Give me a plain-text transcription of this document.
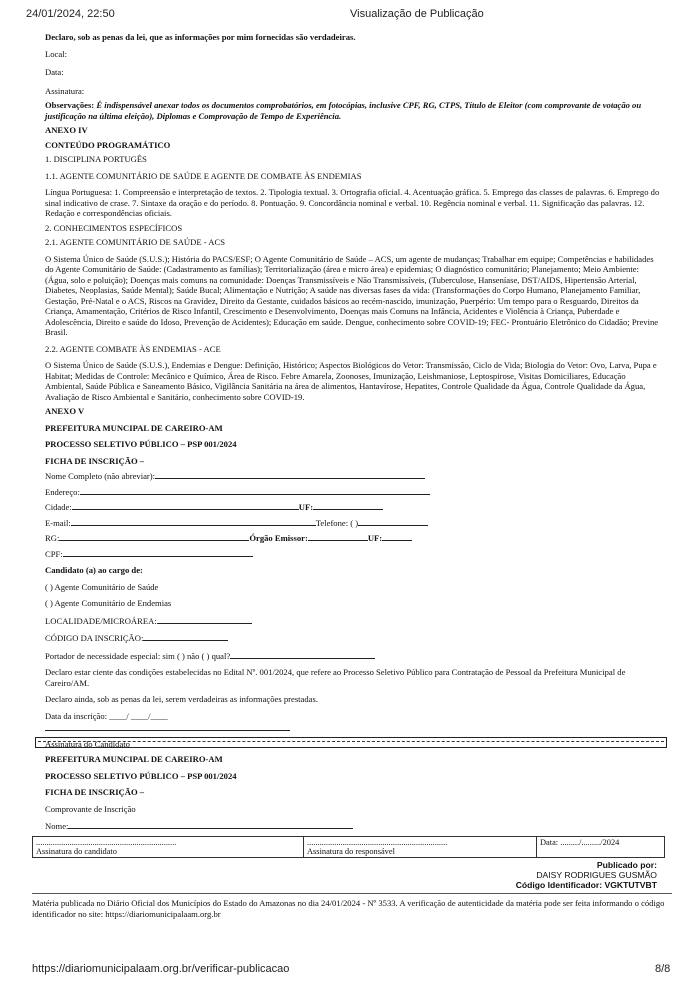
24/01/2024, 22:50	Visualização de Publicação

Declaro, sob as penas da lei, que as informações por mim fornecidas são verdadeiras.

Local:

Data:

Assinatura:

Observações: É indispensável anexar todos os documentos comprobatórios, em fotocópias, inclusive CPF, RG, CTPS, Título de Eleitor (com comprovante de votação ou justificação na última eleição), Diplomas e Comprovação de Tempo de Experiência.

ANEXO IV

CONTEÚDO PROGRAMÁTICO

1. DISCIPLINA PORTUGÊS

1.1. AGENTE COMUNITÁRIO DE SAÚDE E AGENTE DE COMBATE ÀS ENDEMIAS

Língua Portuguesa: 1. Compreensão e interpretação de textos. 2. Tipologia textual. 3. Ortografia oficial. 4. Acentuação gráfica. 5. Emprego das classes de palavras. 6. Emprego do sinal indicativo de crase. 7. Sintaxe da oração e do período. 8. Pontuação. 9. Concordância nominal e verbal. 10. Regência nominal e verbal. 11. Significação das palavras. 12. Redação e correspondências oficiais.

2. CONHECIMENTOS ESPECÍFICOS

2.1. AGENTE COMUNITÁRIO DE SAÚDE - ACS

O Sistema Único de Saúde (S.U.S.); História do PACS/ESF; O Agente Comunitário de Saúde – ACS, um agente de mudanças; Trabalhar em equipe; Competências e habilidades do Agente Comunitário de Saúde: (Cadastramento as famílias); Territorialização (área e micro área) e epidemias; O diagnóstico comunitário; Planejamento; Meio Ambiente: (Água, solo e poluição); Doenças mais comuns na comunidade: Doenças Transmissíveis e Não Transmissíveis, (Tuberculose, Hanseníase, DST/AIDS, Hipertensão Arterial, Diabetes, Neoplasias, Saúde Mental); Saúde Bucal; Alimentação e Nutrição; A saúde nas diversas fases da vida: (Transformações do Corpo Humano, Planejamento Familiar, Gestação, Pré-Natal e o ACS, Riscos na Gravidez, Direito da Gestante, cuidados básicos ao recém-nascido, imunização, Puerpério: Um tempo para o Resguardo, Direitos da Criança, Amamentação, Critérios de Risco Infantil, Crescimento e Desenvolvimento, Doenças mais Comuns na Infância, Acidentes e Violência à Criança, Puberdade e Adolescência, Direito e saúde do Idoso, Prevenção de Acidentes); Educação em saúde. Dengue, conhecimento sobre COVID-19; FEC- Prontuário Eletrônico do Cidadão; Previne Brasil.

2.2. AGENTE COMBATE ÀS ENDEMIAS - ACE

O Sistema Único de Saúde (S.U.S.), Endemias e Dengue: Definição, Histórico; Aspectos Biológicos do Vetor: Transmissão, Ciclo de Vida; Biologia do Vetor: Ovo, Larva, Pupa e Habitat; Medidas de Controle: Mecânico e Químico, Área de Risco. Febre Amarela, Zoonoses, Imunização, Leishmaniose, Leptospirose, Visitas Domiciliares, Educação Ambiental, Saúde Pública e Saneamento Básico, Vigilância Sanitária na área de alimentos, Hantavírose, Hepatites, Controle Qualidade da Água, Controle Qualidade da Água, Avaliação de Risco Ambiental e Sanitário, conhecimento sobre COVID-19.

ANEXO V

PREFEITURA MUNCIPAL DE CAREIRO-AM

PROCESSO SELETIVO PÚBLICO – PSP 001/2024

FICHA DE INSCRIÇÃO –

Nome Completo (não abreviar):

Endereço:

Cidade:	UF:

E-mail:	Telefone: ( )

RG:	Órgão Emissor:	UF:

CPF:

Candidato (a) ao cargo de:

( ) Agente Comunitário de Saúde

( ) Agente Comunitário de Endemias

LOCALIDADE/MICROÁREA:

CÓDIGO DA INSCRIÇÃO:

Portador de necessidade especial: sim ( ) não ( ) qual?

Declaro estar ciente das condições estabelecidas no Edital Nº. 001/2024, que refere ao Processo Seletivo Público para Contratação de Pessoal da Prefeitura Municipal de Careiro/AM.

Declaro ainda, sob as penas da lei, serem verdadeiras as informações prestadas.

Data da inscrição: ____/ ____/____

Assinatura do Candidato

PREFEITURA MUNCIPAL DE CAREIRO-AM

PROCESSO SELETIVO PÚBLICO – PSP 001/2024

FICHA DE INSCRIÇÃO –

Comprovante de Inscrição

Nome:

...................................................................
Assinatura do candidato

...................................................................
Assinatura do responsável

Data: ........./........./2024
Publicado por:
DAISY RODRIGUES GUSMÃO
Código Identificador: VGKTUTVBT
Matéria publicada no Diário Oficial dos Municípios do Estado do Amazonas no dia 24/01/2024 - Nº 3533. A verificação de autenticidade da matéria pode ser feita informando o código identificador no site: https://diariomunicipalaam.org.br
https://diariomunicipalaam.org.br/verificar-publicacao	8/8
